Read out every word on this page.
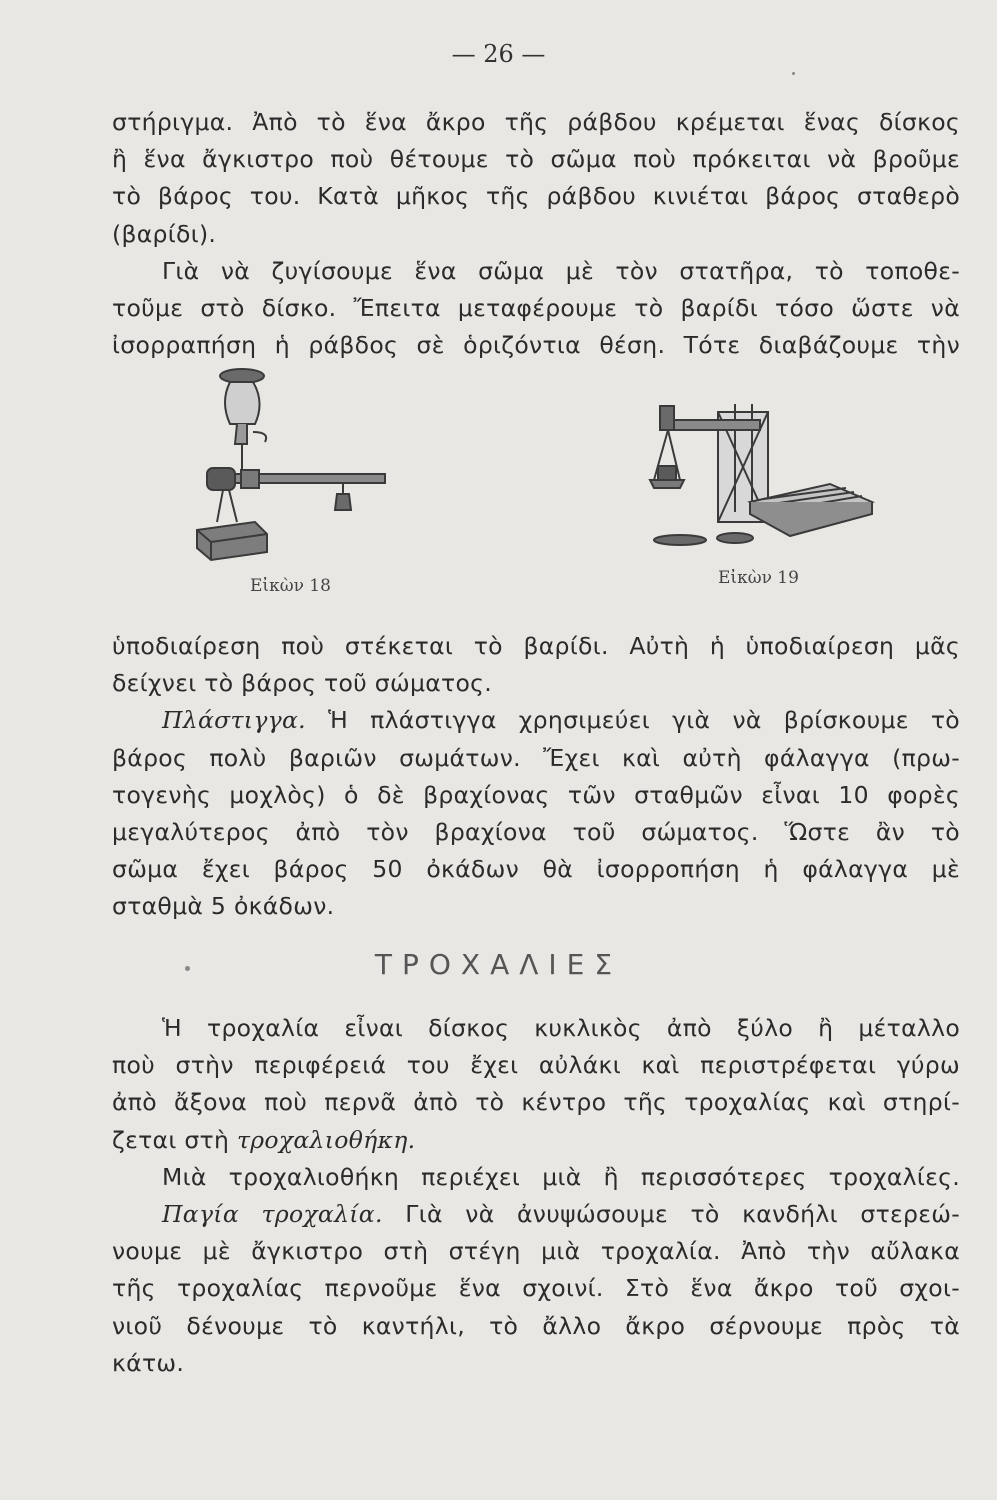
— 26 —
στήριγμα. Ἀπὸ τὸ ἕνα ἄκρο τῆς ράβδου κρέμεται ἕνας δίσκος
ἢ ἕνα ἄγκιστρο ποὺ θέτουμε τὸ σῶμα ποὺ πρόκειται νὰ βροῦμε
τὸ βάρος του. Κατὰ μῆκος τῆς ράβδου κινιέται βάρος σταθερὸ
(βαρίδι).
Γιὰ νὰ ζυγίσουμε ἕνα σῶμα μὲ τὸν στατῆρα, τὸ τοποθε-
τοῦμε στὸ δίσκο. Ἔπειτα μεταφέρουμε τὸ βαρίδι τόσο ὥστε νὰ
ἰσορραπήση ἡ ράβδος σὲ ὁριζόντια θέση. Τότε διαβάζουμε τὴν
Εἰκὼν 18	Εἰκὼν 19
ὑποδιαίρεση ποὺ στέκεται τὸ βαρίδι. Αὐτὴ ἡ ὑποδιαίρεση μᾶς
δείχνει τὸ βάρος τοῦ σώματος.
Πλάστιγγα. Ἡ πλάστιγγα χρησιμεύει γιὰ νὰ βρίσκουμε τὸ
βάρος πολὺ βαριῶν σωμάτων. Ἔχει καὶ αὐτὴ φάλαγγα (πρω-
τογενὴς μοχλὸς) ὁ δὲ βραχίονας τῶν σταθμῶν εἶναι 10 φορὲς
μεγαλύτερος ἀπὸ τὸν βραχίονα τοῦ σώματος. Ὥστε ἂν τὸ
σῶμα ἔχει βάρος 50 ὀκάδων θὰ ἰσορροπήση ἡ φάλαγγα μὲ
σταθμὰ 5 ὀκάδων.
ΤΡΟΧΑΛΙΕΣ
Ἡ τροχαλία εἶναι δίσκος κυκλικὸς ἀπὸ ξύλο ἢ μέταλλο
ποὺ στὴν περιφέρειά του ἔχει αὐλάκι καὶ περιστρέφεται γύρω
ἀπὸ ἄξονα ποὺ περνᾶ ἀπὸ τὸ κέντρο τῆς τροχαλίας καὶ στηρί-
ζεται στὴ τροχαλιοθήκη.
Μιὰ τροχαλιοθήκη περιέχει μιὰ ἢ περισσότερες τροχαλίες.
Παγία τροχαλία. Γιὰ νὰ ἀνυψώσουμε τὸ κανδήλι στερεώ-
νουμε μὲ ἄγκιστρο στὴ στέγη μιὰ τροχαλία. Ἀπὸ τὴν αὔλακα
τῆς τροχαλίας περνοῦμε ἕνα σχοινί. Στὸ ἕνα ἄκρο τοῦ σχοι-
νιοῦ δένουμε τὸ καντήλι, τὸ ἄλλο ἄκρο σέρνουμε πρὸς τὰ
κάτω.
